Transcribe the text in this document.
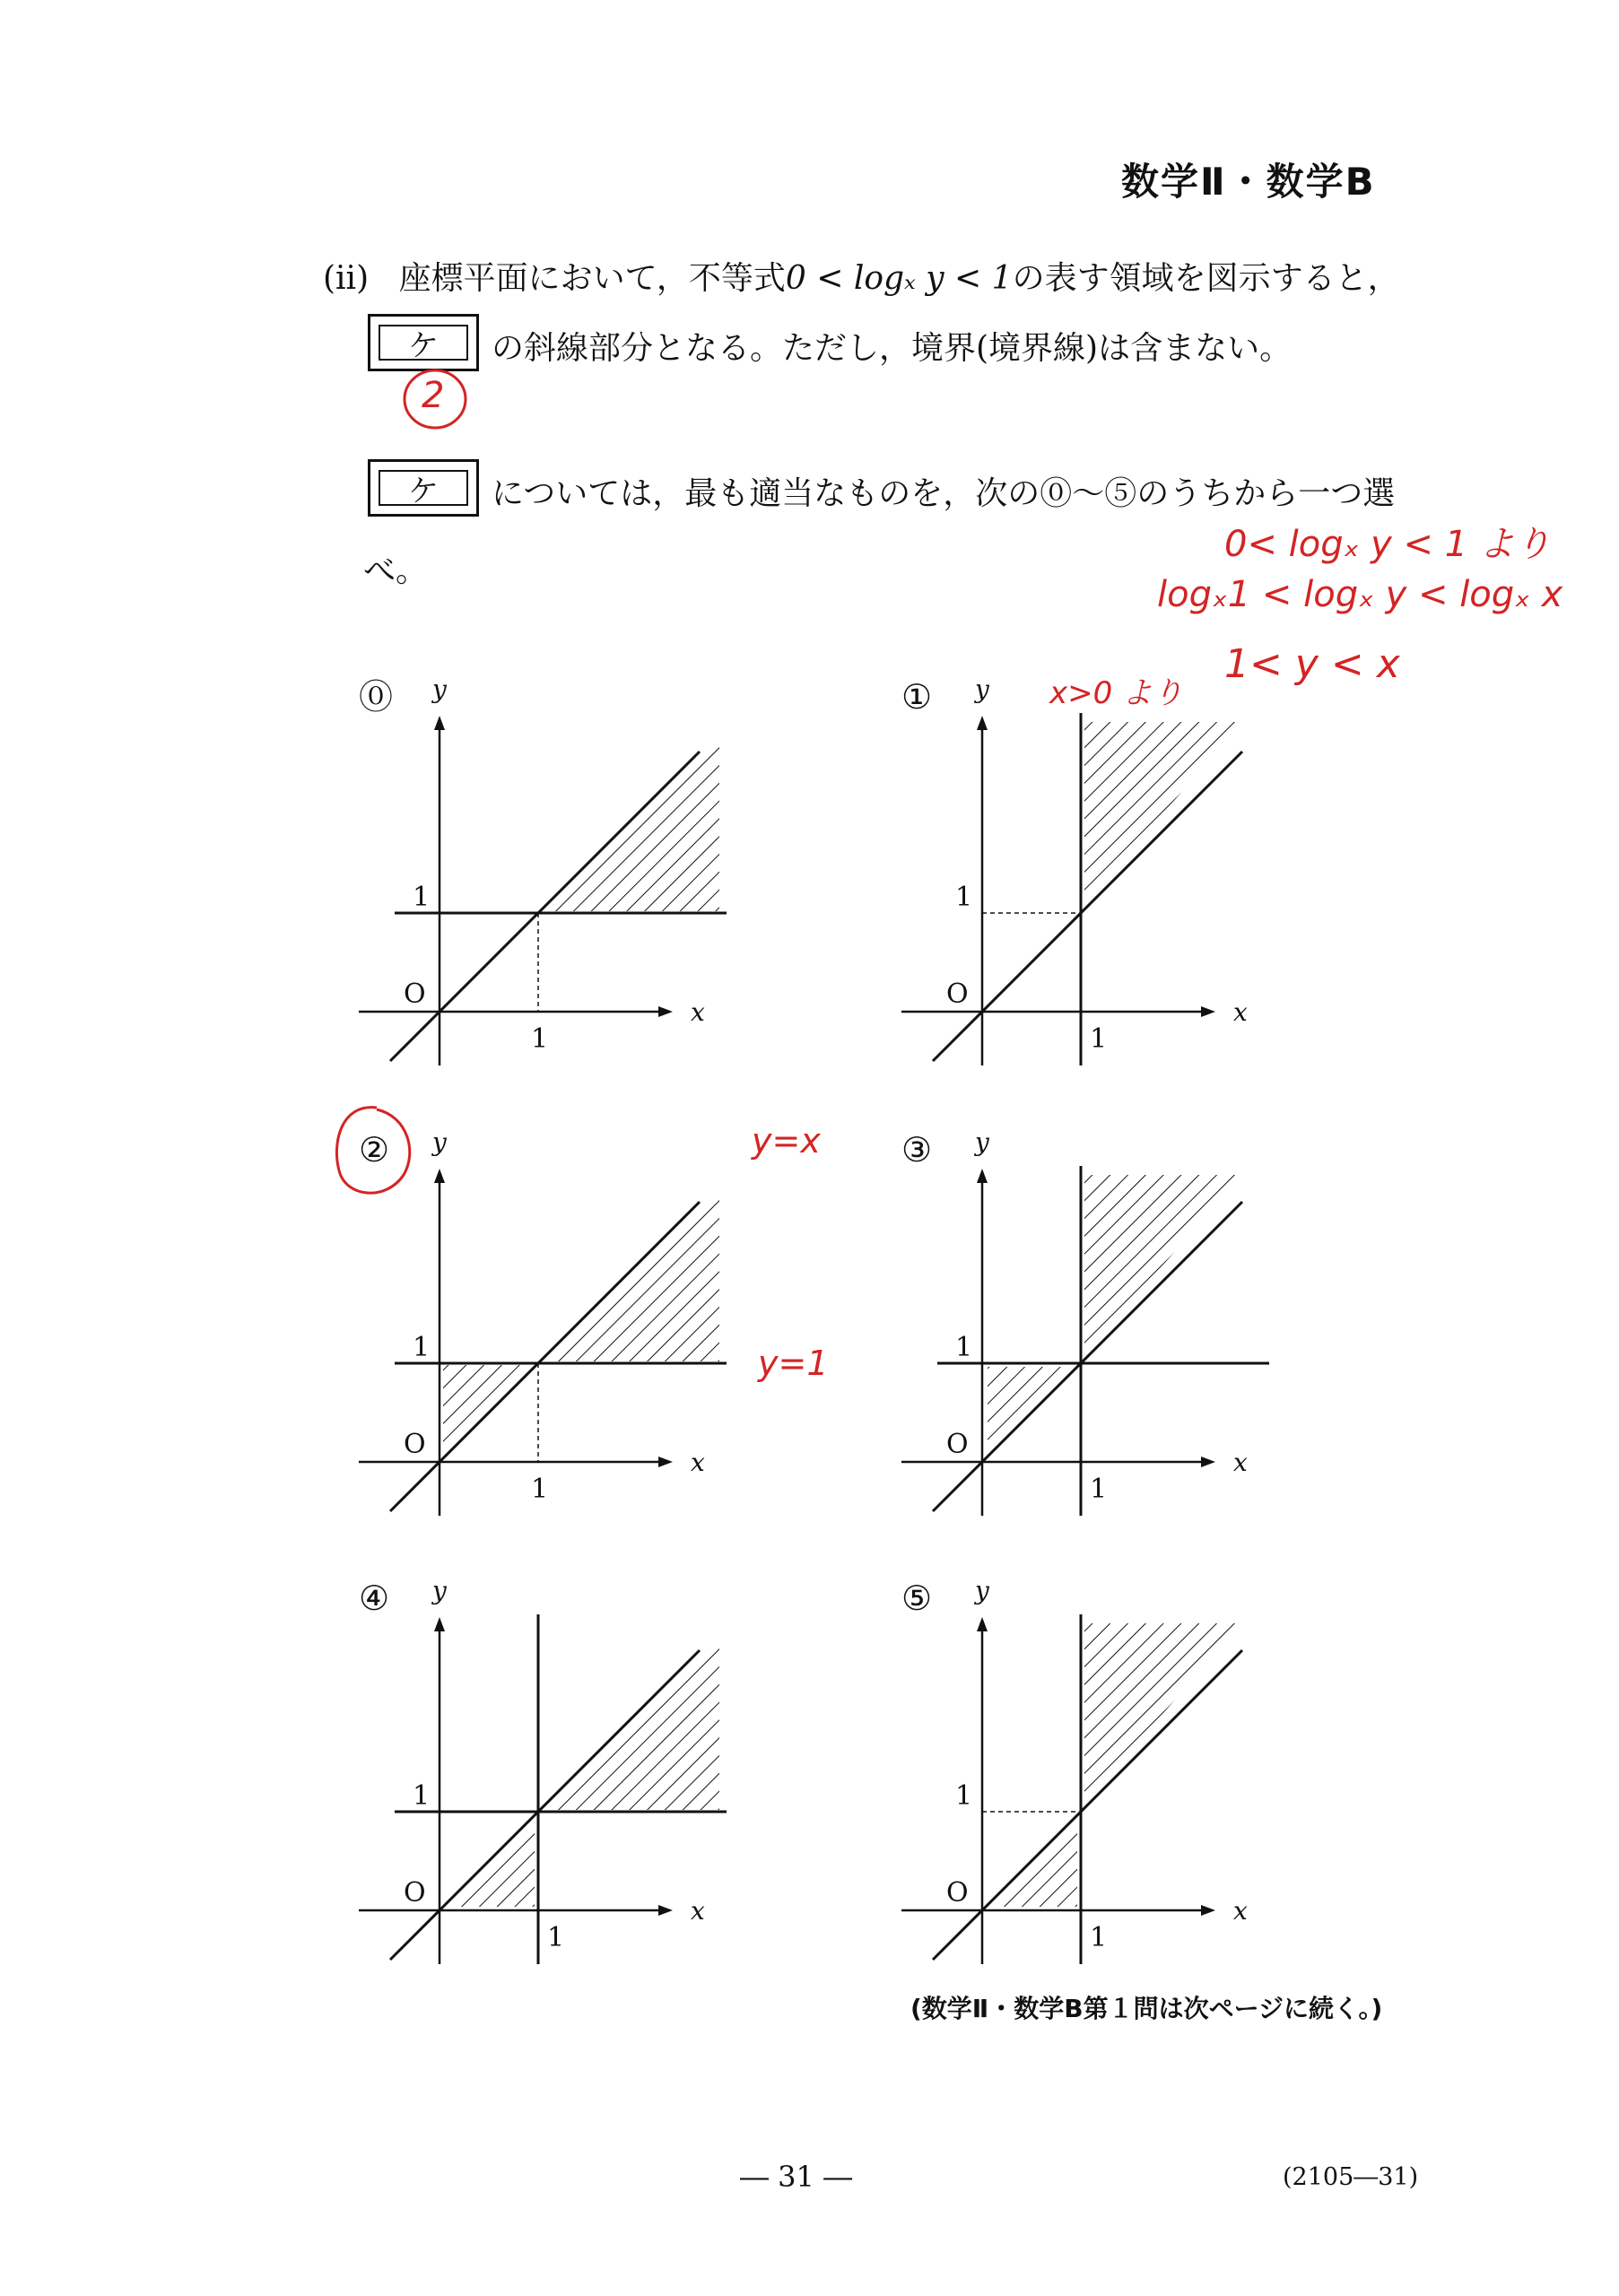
数学Ⅱ・数学B
(ii) 座標平面において，不等式0 < logₓ y < 1の表す領域を図示すると，
ケ	の斜線部分となる。ただし，境界(境界線)は含まない。
ケ	については，最も適当なものを，次の⓪～⑤のうちから一つ選
べ。
2
0< logₓ y < 1 より
logₓ1 < logₓ y < logₓ x
1< y < x
x>0 より
y=x
y=1
⓪ y
x
O
1
1
① y
x
O
1
1
② y
x
O
1
1
③ y
x
O
1
1
④ y
x
O
1
1
⑤ y
x
O
1
1
(数学Ⅱ・数学B第１問は次ページに続く。)
― 31 ―	(2105―31)
